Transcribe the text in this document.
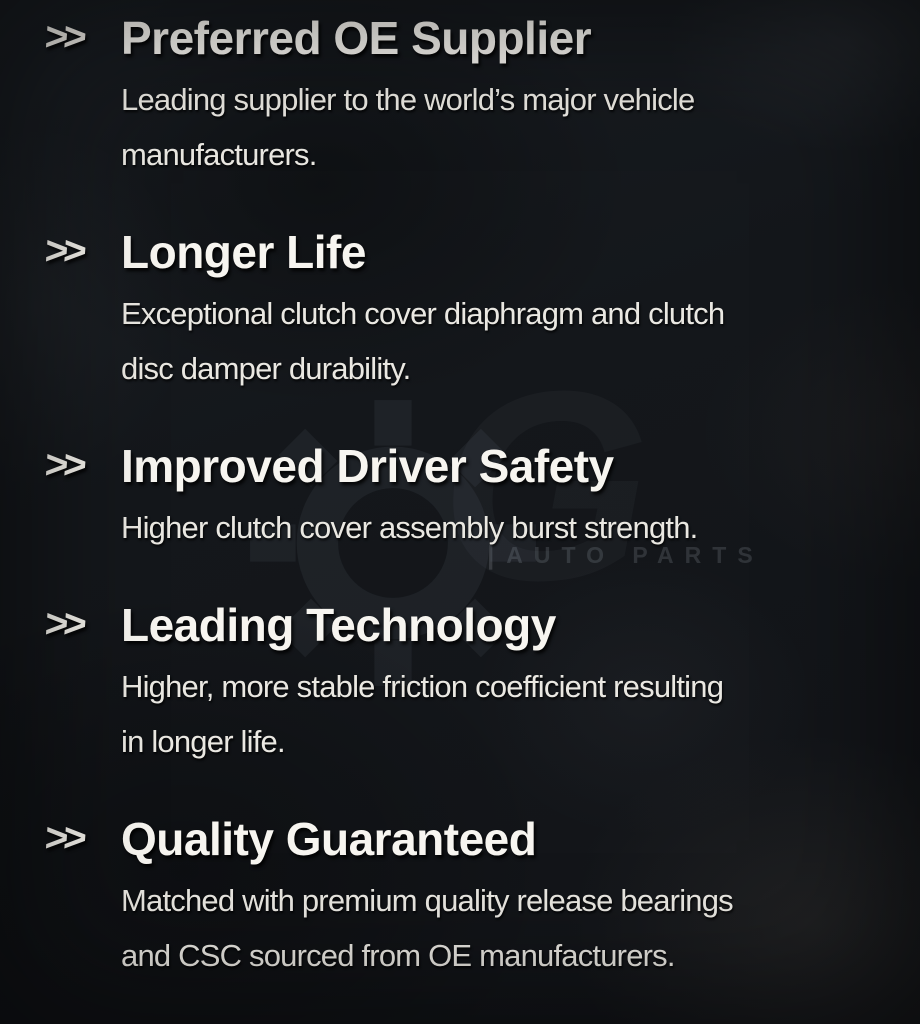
| AUTO PARTS
>> Preferred OE Supplier
Leading supplier to the world’s major vehicle
manufacturers.
>> Longer Life
Exceptional clutch cover diaphragm and clutch
disc damper durability.
>> Improved Driver Safety
Higher clutch cover assembly burst strength.
>> Leading Technology
Higher, more stable friction coefficient resulting
in longer life.
>> Quality Guaranteed
Matched with premium quality release bearings
and CSC sourced from OE manufacturers.
